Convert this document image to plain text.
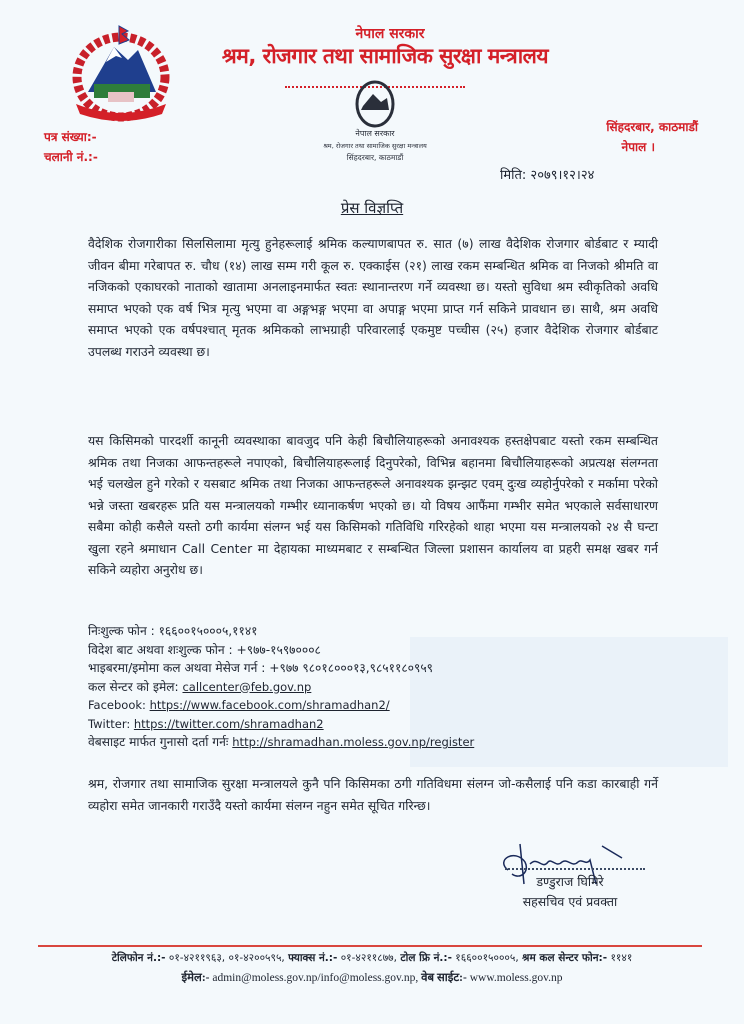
नेपाल सरकार
श्रम, रोजगार तथा सामाजिक सुरक्षा मन्त्रालय
नेपाल सरकार
श्रम, रोजगार तथा सामाजिक सुरक्षा मन्त्रालय
सिंहदरबार, काठमाडौं
पत्र संख्या:-
चलानी नं.:-
सिंहदरबार, काठमाडौं
नेपाल ।
मिति: २०७९।१२।२४
प्रेस विज्ञप्ति
वैदेशिक रोजगारीका सिलसिलामा मृत्यु हुनेहरूलाई श्रमिक कल्याणबापत रु. सात (७) लाख वैदेशिक रोजगार बोर्डबाट र म्यादी जीवन बीमा गरेबापत रु. चौध (१४) लाख सम्म गरी कूल रु. एक्काईस (२१) लाख रकम सम्बन्धित श्रमिक वा निजको श्रीमति वा नजिकको एकाघरको नाताको खातामा अनलाइनमार्फत स्वतः स्थानान्तरण गर्ने व्यवस्था छ। यस्तो सुविधा श्रम स्वीकृतिको अवधि समाप्त भएको एक वर्ष भित्र मृत्यु भएमा वा अङ्गभङ्ग भएमा वा अपाङ्ग भएमा प्राप्त गर्न सकिने प्रावधान छ। साथै, श्रम अवधि समाप्त भएको एक वर्षपश्चात् मृतक श्रमिकको लाभग्राही परिवारलाई एकमुष्ट पच्चीस (२५) हजार वैदेशिक रोजगार बोर्डबाट उपलब्ध गराउने व्यवस्था छ।
यस किसिमको पारदर्शी कानूनी व्यवस्थाका बावजुद पनि केही बिचौलियाहरूको अनावश्यक हस्तक्षेपबाट यस्तो रकम सम्बन्धित श्रमिक तथा निजका आफन्तहरूले नपाएको, बिचौलियाहरूलाई दिनुपरेको, विभिन्न बहानमा बिचौलियाहरूको अप्रत्यक्ष संलग्नता भई चलखेल हुने गरेको र यसबाट श्रमिक तथा निजका आफन्तहरूले अनावश्यक झन्झट एवम् दुःख व्यहोर्नुपरेको र मर्कामा परेको भन्ने जस्ता खबरहरू प्रति यस मन्त्रालयको गम्भीर ध्यानाकर्षण भएको छ। यो विषय आफैंमा गम्भीर समेत भएकाले सर्वसाधारण सबैमा कोही कसैले यस्तो ठगी कार्यमा संलग्न भई यस किसिमको गतिविधि गरिरहेको थाहा भएमा यस मन्त्रालयको २४ सै घन्टा खुला रहने श्रमाधान Call Center मा देहायका माध्यमबाट र सम्बन्धित जिल्ला प्रशासन कार्यालय वा प्रहरी समक्ष खबर गर्न सकिने व्यहोरा अनुरोध छ।
निःशुल्क फोन : १६६००१५०००५,११४१
विदेश बाट अथवा शःशुल्क फोन : +९७७-१५९७०००८
भाइबरमा/इमोमा कल अथवा मेसेज गर्न : +९७७ ९८०१८०००१३,९८५११८०९५९
कल सेन्टर को इमेल: callcenter@feb.gov.np
Facebook: https://www.facebook.com/shramadhan2/
Twitter: https://twitter.com/shramadhan2
वेबसाइट मार्फत गुनासो दर्ता गर्नः http://shramadhan.moless.gov.np/register
श्रम, रोजगार तथा सामाजिक सुरक्षा मन्त्रालयले कुनै पनि किसिमका ठगी गतिविधमा संलग्न जो-कसैलाई पनि कडा कारबाही गर्ने व्यहोरा समेत जानकारी गराउँदै यस्तो कार्यमा संलग्न नहुन समेत सूचित गरिन्छ।
डण्डुराज घिमिरे
सहसचिव एवं प्रवक्ता
टेलिफोन नं.:- ०१-४२११९६३, ०१-४२००५९५, फ्याक्स नं.:- ०१-४२११८७७, टोल फ्रि नं.:- १६६००१५०००५, श्रम कल सेन्टर फोन:- ११४१
ईमेल:- admin@moless.gov.np/info@moless.gov.np, वेब साईट:- www.moless.gov.np
